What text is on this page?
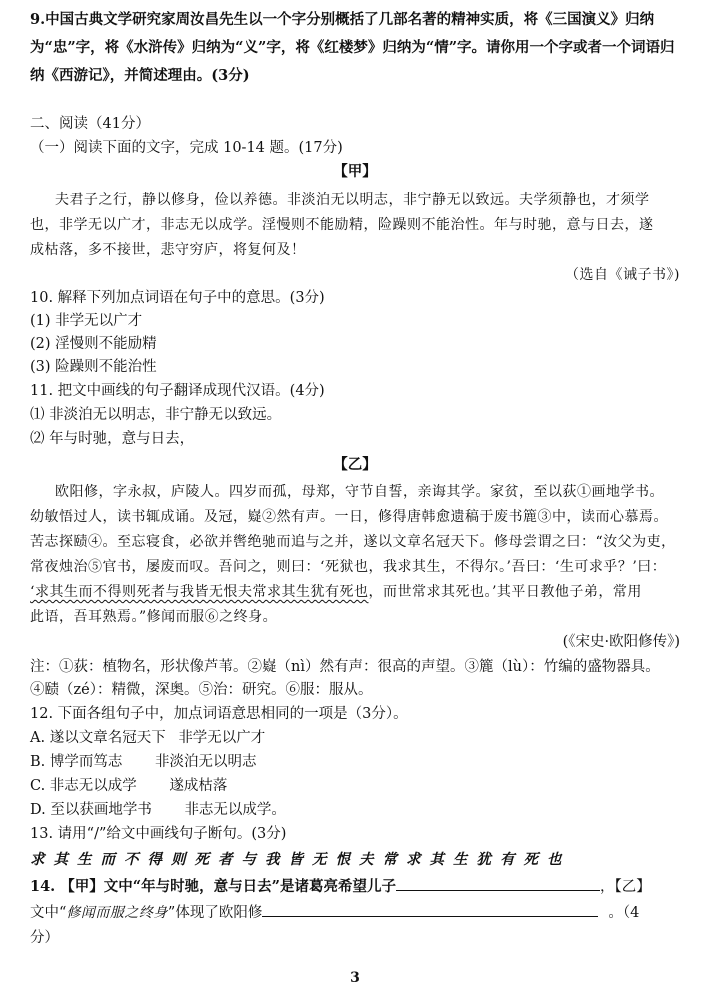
9.中国古典文学研究家周汝昌先生以一个字分别概括了几部名著的精神实质，将《三国演义》归纳
为“忠”字，将《水浒传》归纳为“义”字，将《红楼梦》归纳为“情”字。请你用一个字或者一个词语归
纳《西游记》，并简述理由。(3分)
二、阅读（41分）
（一）阅读下面的文字，完成 10-14 题。(17分)
【甲】
夫君子之行，静以修身，俭以养德。非淡泊无以明志，非宁静无以致远。夫学须静也，才须学
也，非学无以广才，非志无以成学。淫慢则不能励精，险躁则不能治性。年与时驰，意与日去，遂
成枯落，多不接世，悲守穷庐，将复何及！
（选自《诫子书》)
10. 解释下列加点词语在句子中的意思。(3分)
(1) 非学无以广才
(2) 淫慢则不能励精
(3) 险躁则不能治性
11. 把文中画线的句子翻译成现代汉语。(4分)
⑴ 非淡泊无以明志，非宁静无以致远。
⑵ 年与时驰，意与日去，
【乙】
欧阳修，字永叔，庐陵人。四岁而孤，母郑，守节自誓，亲诲其学。家贫，至以荻①画地学书。
幼敏悟过人，读书辄成诵。及冠，嶷②然有声。一日，修得唐韩愈遗稿于废书簏③中，读而心慕焉。
苦志探赜④。至忘寝食，必欲并辔绝驰而追与之并，遂以文章名冠天下。修母尝谓之曰：“汝父为吏，
常夜烛治⑤官书，屡废而叹。吾问之，则曰：‘死狱也，我求其生，不得尔。’吾曰：‘生可求乎？’曰：
‘求其生而不得则死者与我皆无恨夫常求其生犹有死也，而世常求其死也。’其平日教他子弟，常用
此语，吾耳熟焉。”修闻而服⑥之终身。
(《宋史·欧阳修传》)
注：①荻：植物名，形状像芦苇。②嶷（nì）然有声：很高的声望。③簏（lù）：竹编的盛物器具。
④赜（zé）：精微，深奥。⑤治：研究。⑥服：服从。
12. 下面各组句子中，加点词语意思相同的一项是（3分）。
A. 遂以文章名冠天下 非学无以广才
B. 博学而笃志 非淡泊无以明志
C. 非志无以成学 遂成枯落
D. 至以获画地学书 非志无以成学。
13. 请用“/”给文中画线句子断句。(3分)
求其生而不得则死者与我皆无恨夫常求其生犹有死也
14. 【甲】文中“年与时驰，意与日去”是诸葛亮希望儿子	，【乙】
文中“修闻而服之终身”体现了欧阳修	。（4
分）
3
